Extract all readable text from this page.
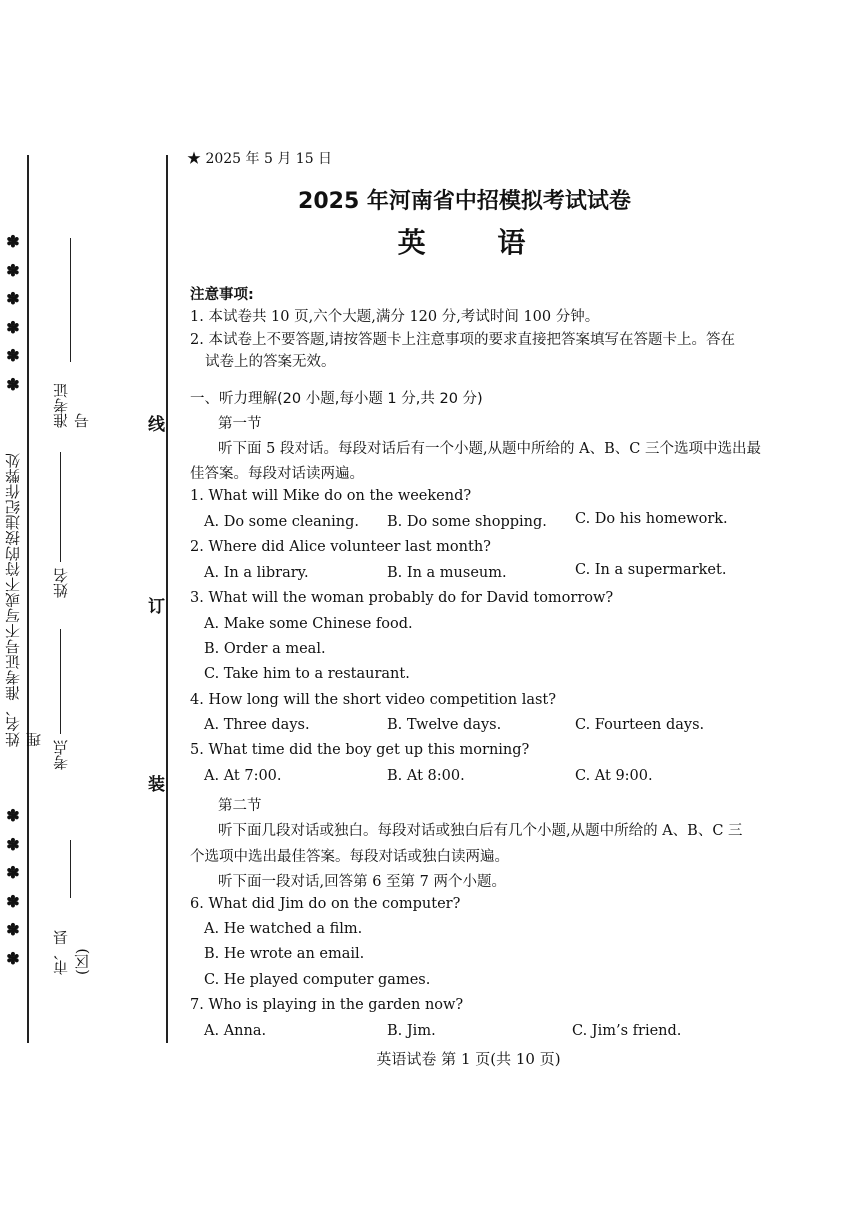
✽
✽
✽
✽
✽
✽
姓名、准考证号不写或不符的按违纪作弊处理
✽
✽
✽
✽
✽
✽
准考证号
姓名
考点
市、县(区)
线
订
装
★ 2025 年 5 月 15 日
2025 年河南省中招模拟考试试卷
英 语
注意事项:
1. 本试卷共 10 页,六个大题,满分 120 分,考试时间 100 分钟。
2. 本试卷上不要答题,请按答题卡上注意事项的要求直接把答案填写在答题卡上。答在
试卷上的答案无效。
一、听力理解(20 小题,每小题 1 分,共 20 分)
第一节
听下面 5 段对话。每段对话后有一个小题,从题中所给的 A、B、C 三个选项中选出最
佳答案。每段对话读两遍。
1. What will Mike do on the weekend?
A. Do some cleaning. B. Do some shopping. C. Do his homework.
2. Where did Alice volunteer last month?
A. In a library.	B. In a museum.	C. In a supermarket.
3. What will the woman probably do for David tomorrow?
A. Make some Chinese food.
B. Order a meal.
C. Take him to a restaurant.
4. How long will the short video competition last?
A. Three days.	B. Twelve days.	C. Fourteen days.
5. What time did the boy get up this morning?
A. At 7:00.	B. At 8:00.	C. At 9:00.
第二节
听下面几段对话或独白。每段对话或独白后有几个小题,从题中所给的 A、B、C 三
个选项中选出最佳答案。每段对话或独白读两遍。
听下面一段对话,回答第 6 至第 7 两个小题。
6. What did Jim do on the computer?
A. He watched a film.
B. He wrote an email.
C. He played computer games.
7. Who is playing in the garden now?
A. Anna.	B. Jim.	C. Jim’s friend.
英语试卷 第 1 页(共 10 页)
